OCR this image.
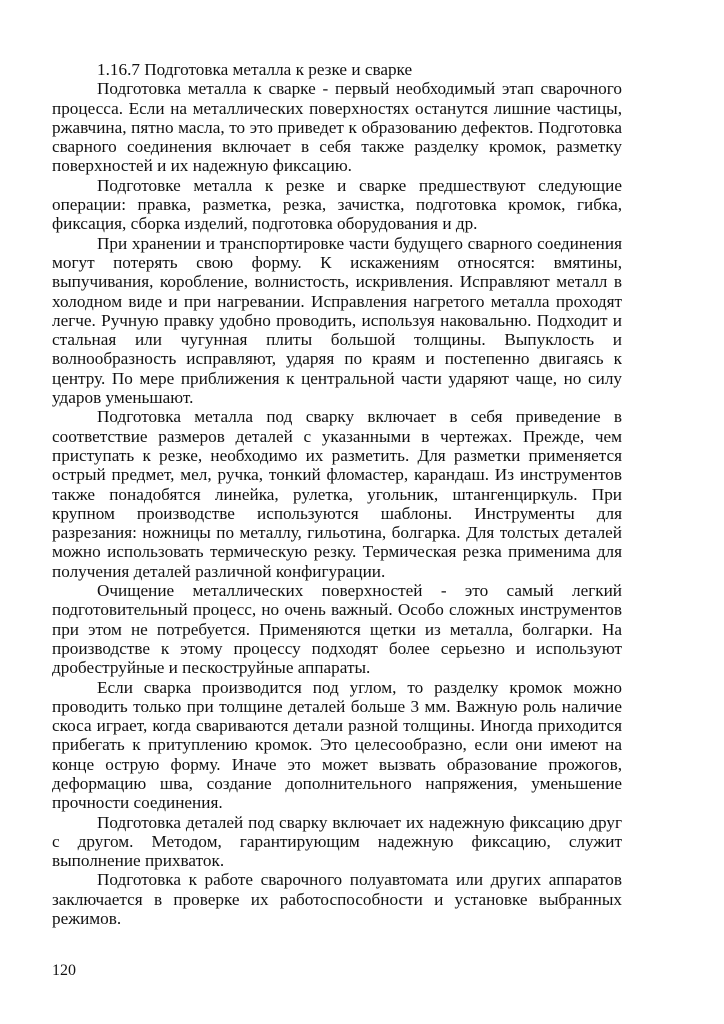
1.16.7 Подготовка металла к резке и сварке

Подготовка металла к сварке - первый необходимый этап сварочного процесса. Если на металлических поверхностях останутся лишние частицы, ржавчина, пятно масла, то это приведет к образованию дефектов. Подготовка сварного соединения включает в себя также разделку кромок, разметку поверхностей и их надежную фиксацию.

Подготовке металла к резке и сварке предшествуют следующие операции: правка, разметка, резка, зачистка, подготовка кромок, гибка, фиксация, сборка изделий, подготовка оборудования и др.

При хранении и транспортировке части будущего сварного соединения могут потерять свою форму. К искажениям относятся: вмятины, выпучивания, коробление, волнистость, искривления. Исправляют металл в холодном виде и при нагревании. Исправления нагретого металла проходят легче. Ручную правку удобно проводить, используя наковальню. Подходит и стальная или чугунная плиты большой толщины. Выпуклость и волнообразность исправляют, ударяя по краям и постепенно двигаясь к центру. По мере приближения к центральной части ударяют чаще, но силу ударов уменьшают.

Подготовка металла под сварку включает в себя приведение в соответствие размеров деталей с указанными в чертежах. Прежде, чем приступать к резке, необходимо их разметить. Для разметки применяется острый предмет, мел, ручка, тонкий фломастер, карандаш. Из инструментов также понадобятся линейка, рулетка, угольник, штангенциркуль. При крупном производстве используются шаблоны. Инструменты для разрезания: ножницы по металлу, гильотина, болгарка. Для толстых деталей можно использовать термическую резку. Термическая резка применима для получения деталей различной конфигурации.

Очищение металлических поверхностей - это самый легкий подготовительный процесс, но очень важный. Особо сложных инструментов при этом не потребуется. Применяются щетки из металла, болгарки. На производстве к этому процессу подходят более серьезно и используют дробеструйные и пескоструйные аппараты.

Если сварка производится под углом, то разделку кромок можно проводить только при толщине деталей больше 3 мм. Важную роль наличие скоса играет, когда свариваются детали разной толщины. Иногда приходится прибегать к притуплению кромок. Это целесообразно, если они имеют на конце острую форму. Иначе это может вызвать образование прожогов, деформацию шва, создание дополнительного напряжения, уменьшение прочности соединения.

Подготовка деталей под сварку включает их надежную фиксацию друг с другом. Методом, гарантирующим надежную фиксацию, служит выполнение прихваток.

Подготовка к работе сварочного полуавтомата или других аппаратов заключается в проверке их работоспособности и установке выбранных режимов.

120
